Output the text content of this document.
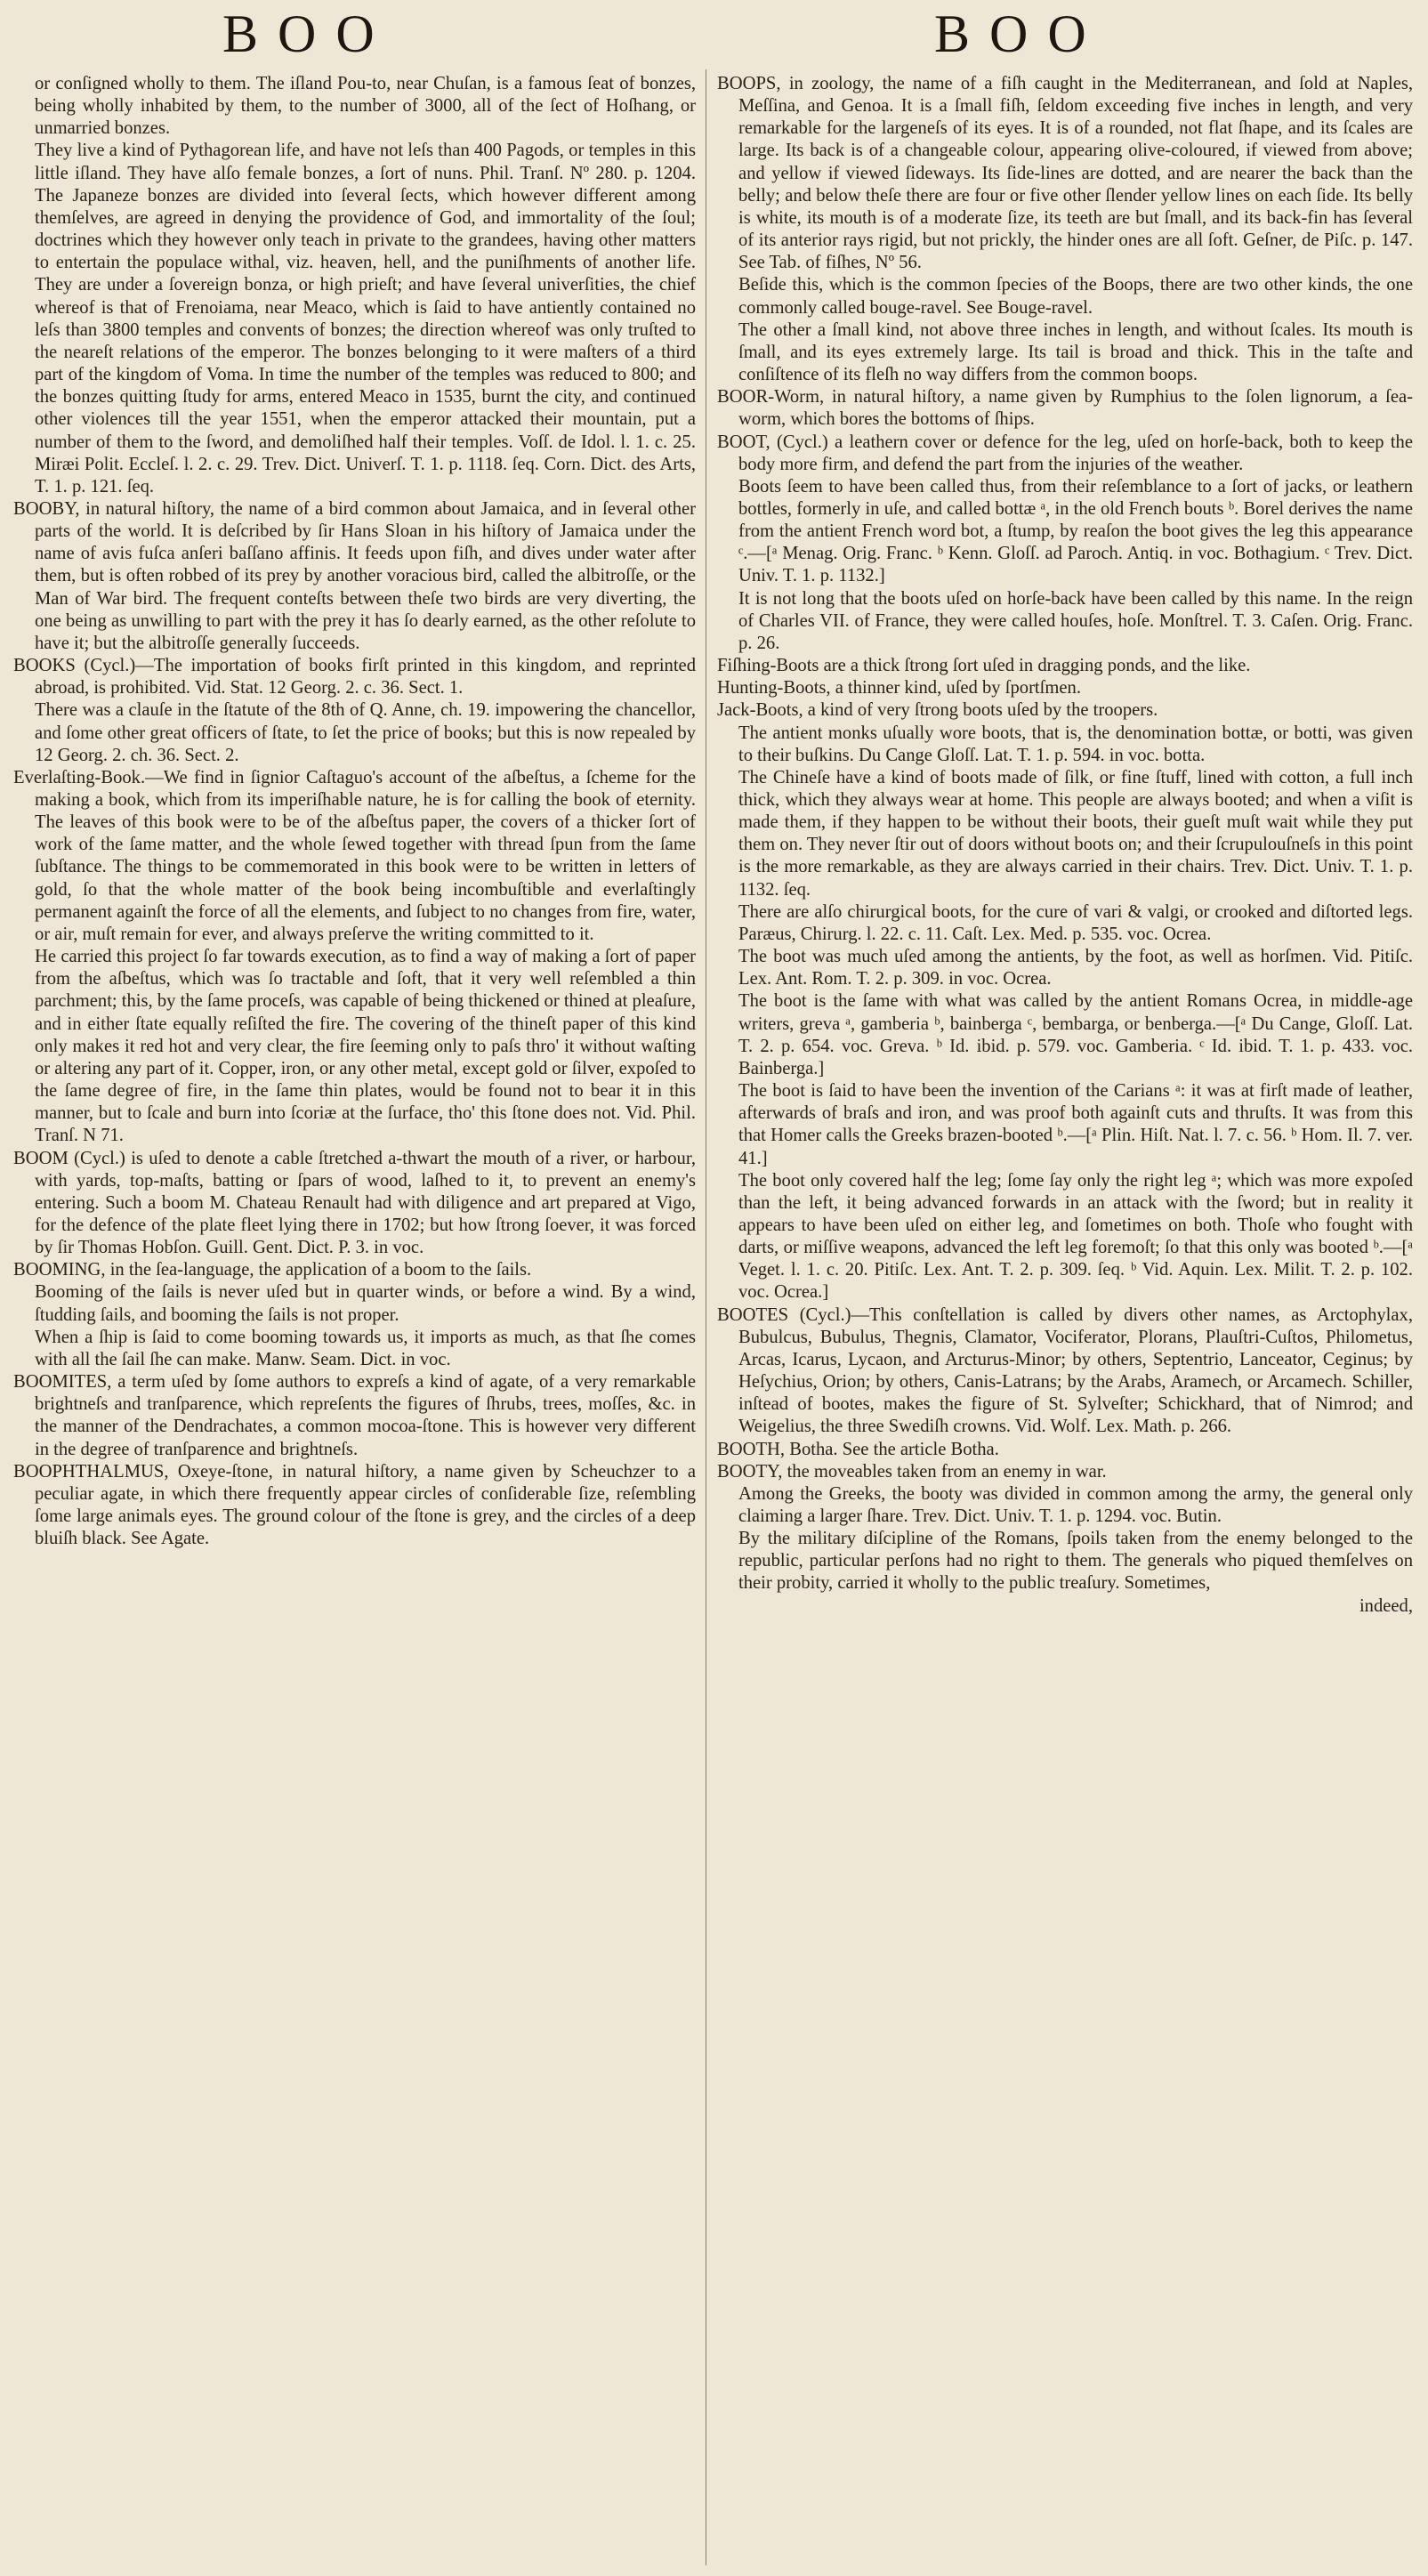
BOO	BOO

or conſigned wholly to them. The iſland Pou-to, near Chuſan, is a famous ſeat of bonzes, being wholly inhabited by them, to the number of 3000, all of the ſect of Hoſhang, or unmarried bonzes.

They live a kind of Pythagorean life, and have not leſs than 400 Pagods, or temples in this little iſland. They have alſo female bonzes, a ſort of nuns. Phil. Tranſ. Nº 280. p. 1204. The Japaneze bonzes are divided into ſeveral ſects, which however different among themſelves, are agreed in denying the providence of God, and immortality of the ſoul; doctrines which they however only teach in private to the grandees, having other matters to entertain the populace withal, viz. heaven, hell, and the puniſhments of another life. They are under a ſovereign bonza, or high prieſt; and have ſeveral univerſities, the chief whereof is that of Frenoiama, near Meaco, which is ſaid to have antiently contained no leſs than 3800 temples and convents of bonzes; the direction whereof was only truſted to the neareſt relations of the emperor. The bonzes belonging to it were maſters of a third part of the kingdom of Voma. In time the number of the temples was reduced to 800; and the bonzes quitting ſtudy for arms, entered Meaco in 1535, burnt the city, and continued other violences till the year 1551, when the emperor attacked their mountain, put a number of them to the ſword, and demoliſhed half their temples. Voſſ. de Idol. l. 1. c. 25. Miræi Polit. Eccleſ. l. 2. c. 29. Trev. Dict. Univerſ. T. 1. p. 1118. ſeq. Corn. Dict. des Arts, T. 1. p. 121. ſeq.

BOOBY, in natural hiſtory, the name of a bird common about Jamaica, and in ſeveral other parts of the world. It is deſcribed by ſir Hans Sloan in his hiſtory of Jamaica under the name of avis fuſca anſeri baſſano affinis. It feeds upon fiſh, and dives under water after them, but is often robbed of its prey by another voracious bird, called the albitroſſe, or the Man of War bird. The frequent conteſts between theſe two birds are very diverting, the one being as unwilling to part with the prey it has ſo dearly earned, as the other reſolute to have it; but the albitroſſe generally ſucceeds.

BOOKS (Cycl.)—The importation of books firſt printed in this kingdom, and reprinted abroad, is prohibited. Vid. Stat. 12 Georg. 2. c. 36. Sect. 1.

There was a clauſe in the ſtatute of the 8th of Q. Anne, ch. 19. impowering the chancellor, and ſome other great officers of ſtate, to ſet the price of books; but this is now repealed by 12 Georg. 2. ch. 36. Sect. 2.

Everlaſting-Book.—We find in ſignior Caſtaguo's account of the aſbeſtus, a ſcheme for the making a book, which from its imperiſhable nature, he is for calling the book of eternity. The leaves of this book were to be of the aſbeſtus paper, the covers of a thicker ſort of work of the ſame matter, and the whole ſewed together with thread ſpun from the ſame ſubſtance. The things to be commemorated in this book were to be written in letters of gold, ſo that the whole matter of the book being incombuſtible and everlaſtingly permanent againſt the force of all the elements, and ſubject to no changes from fire, water, or air, muſt remain for ever, and always preſerve the writing committed to it.

He carried this project ſo far towards execution, as to find a way of making a ſort of paper from the aſbeſtus, which was ſo tractable and ſoft, that it very well reſembled a thin parchment; this, by the ſame proceſs, was capable of being thickened or thined at pleaſure, and in either ſtate equally reſiſted the fire. The covering of the thineſt paper of this kind only makes it red hot and very clear, the fire ſeeming only to paſs thro' it without waſting or altering any part of it. Copper, iron, or any other metal, except gold or ſilver, expoſed to the ſame degree of fire, in the ſame thin plates, would be found not to bear it in this manner, but to ſcale and burn into ſcoriæ at the ſurface, tho' this ſtone does not. Vid. Phil. Tranſ. N 71.

BOOM (Cycl.) is uſed to denote a cable ſtretched a-thwart the mouth of a river, or harbour, with yards, top-maſts, batting or ſpars of wood, laſhed to it, to prevent an enemy's entering. Such a boom M. Chateau Renault had with diligence and art prepared at Vigo, for the defence of the plate fleet lying there in 1702; but how ſtrong ſoever, it was forced by ſir Thomas Hobſon. Guill. Gent. Dict. P. 3. in voc.

BOOMING, in the ſea-language, the application of a boom to the ſails.

Booming of the ſails is never uſed but in quarter winds, or before a wind. By a wind, ſtudding ſails, and booming the ſails is not proper.

When a ſhip is ſaid to come booming towards us, it imports as much, as that ſhe comes with all the ſail ſhe can make. Manw. Seam. Dict. in voc.

BOOMITES, a term uſed by ſome authors to expreſs a kind of agate, of a very remarkable brightneſs and tranſparence, which repreſents the figures of ſhrubs, trees, moſſes, &c. in the manner of the Dendrachates, a common mocoa-ſtone. This is however very different in the degree of tranſparence and brightneſs.

BOOPHTHALMUS, Oxeye-ſtone, in natural hiſtory, a name given by Scheuchzer to a peculiar agate, in which there frequently appear circles of conſiderable ſize, reſembling ſome large animals eyes. The ground colour of the ſtone is grey, and the circles of a deep bluiſh black. See Agate.

BOOPS, in zoology, the name of a fiſh caught in the Mediterranean, and ſold at Naples, Meſſina, and Genoa. It is a ſmall fiſh, ſeldom exceeding five inches in length, and very remarkable for the largeneſs of its eyes. It is of a rounded, not flat ſhape, and its ſcales are large. Its back is of a changeable colour, appearing olive-coloured, if viewed from above; and yellow if viewed ſideways. Its ſide-lines are dotted, and are nearer the back than the belly; and below theſe there are four or five other ſlender yellow lines on each ſide. Its belly is white, its mouth is of a moderate ſize, its teeth are but ſmall, and its back-fin has ſeveral of its anterior rays rigid, but not prickly, the hinder ones are all ſoft. Geſner, de Piſc. p. 147. See Tab. of fiſhes, Nº 56.

Beſide this, which is the common ſpecies of the Boops, there are two other kinds, the one commonly called bouge-ravel. See Bouge-ravel.

The other a ſmall kind, not above three inches in length, and without ſcales. Its mouth is ſmall, and its eyes extremely large. Its tail is broad and thick. This in the taſte and conſiſtence of its fleſh no way differs from the common boops.

BOOR-Worm, in natural hiſtory, a name given by Rumphius to the ſolen lignorum, a ſea-worm, which bores the bottoms of ſhips.

BOOT, (Cycl.) a leathern cover or defence for the leg, uſed on horſe-back, both to keep the body more firm, and defend the part from the injuries of the weather.

Boots ſeem to have been called thus, from their reſemblance to a ſort of jacks, or leathern bottles, formerly in uſe, and called bottæ ᵃ, in the old French bouts ᵇ. Borel derives the name from the antient French word bot, a ſtump, by reaſon the boot gives the leg this appearance ᶜ.—[ᵃ Menag. Orig. Franc. ᵇ Kenn. Gloſſ. ad Paroch. Antiq. in voc. Bothagium. ᶜ Trev. Dict. Univ. T. 1. p. 1132.]

It is not long that the boots uſed on horſe-back have been called by this name. In the reign of Charles VII. of France, they were called houſes, hoſe. Monſtrel. T. 3. Caſen. Orig. Franc. p. 26.

Fiſhing-Boots are a thick ſtrong ſort uſed in dragging ponds, and the like.

Hunting-Boots, a thinner kind, uſed by ſportſmen.

Jack-Boots, a kind of very ſtrong boots uſed by the troopers.

The antient monks uſually wore boots, that is, the denomination bottæ, or botti, was given to their buſkins. Du Cange Gloſſ. Lat. T. 1. p. 594. in voc. botta.

The Chineſe have a kind of boots made of ſilk, or fine ſtuff, lined with cotton, a full inch thick, which they always wear at home. This people are always booted; and when a viſit is made them, if they happen to be without their boots, their gueſt muſt wait while they put them on. They never ſtir out of doors without boots on; and their ſcrupulouſneſs in this point is the more remarkable, as they are always carried in their chairs. Trev. Dict. Univ. T. 1. p. 1132. ſeq.

There are alſo chirurgical boots, for the cure of vari & valgi, or crooked and diſtorted legs. Paræus, Chirurg. l. 22. c. 11. Caſt. Lex. Med. p. 535. voc. Ocrea.

The boot was much uſed among the antients, by the foot, as well as horſmen. Vid. Pitiſc. Lex. Ant. Rom. T. 2. p. 309. in voc. Ocrea.

The boot is the ſame with what was called by the antient Romans Ocrea, in middle-age writers, greva ᵃ, gamberia ᵇ, bainberga ᶜ, bembarga, or benberga.—[ᵃ Du Cange, Gloſſ. Lat. T. 2. p. 654. voc. Greva. ᵇ Id. ibid. p. 579. voc. Gamberia. ᶜ Id. ibid. T. 1. p. 433. voc. Bainberga.]

The boot is ſaid to have been the invention of the Carians ᵃ: it was at firſt made of leather, afterwards of braſs and iron, and was proof both againſt cuts and thruſts. It was from this that Homer calls the Greeks brazen-booted ᵇ.—[ᵃ Plin. Hiſt. Nat. l. 7. c. 56. ᵇ Hom. Il. 7. ver. 41.]

The boot only covered half the leg; ſome ſay only the right leg ᵃ; which was more expoſed than the left, it being advanced forwards in an attack with the ſword; but in reality it appears to have been uſed on either leg, and ſometimes on both. Thoſe who fought with darts, or miſſive weapons, advanced the left leg foremoſt; ſo that this only was booted ᵇ.—[ᵃ Veget. l. 1. c. 20. Pitiſc. Lex. Ant. T. 2. p. 309. ſeq. ᵇ Vid. Aquin. Lex. Milit. T. 2. p. 102. voc. Ocrea.]

BOOTES (Cycl.)—This conſtellation is called by divers other names, as Arctophylax, Bubulcus, Bubulus, Thegnis, Clamator, Vociferator, Plorans, Plauſtri-Cuſtos, Philometus, Arcas, Icarus, Lycaon, and Arcturus-Minor; by others, Septentrio, Lanceator, Ceginus; by Heſychius, Orion; by others, Canis-Latrans; by the Arabs, Aramech, or Arcamech. Schiller, inſtead of bootes, makes the figure of St. Sylveſter; Schickhard, that of Nimrod; and Weigelius, the three Swediſh crowns. Vid. Wolf. Lex. Math. p. 266.

BOOTH, Botha. See the article Botha.

BOOTY, the moveables taken from an enemy in war.

Among the Greeks, the booty was divided in common among the army, the general only claiming a larger ſhare. Trev. Dict. Univ. T. 1. p. 1294. voc. Butin.

By the military diſcipline of the Romans, ſpoils taken from the enemy belonged to the republic, particular perſons had no right to them. The generals who piqued themſelves on their probity, carried it wholly to the public treaſury. Sometimes,

indeed,
